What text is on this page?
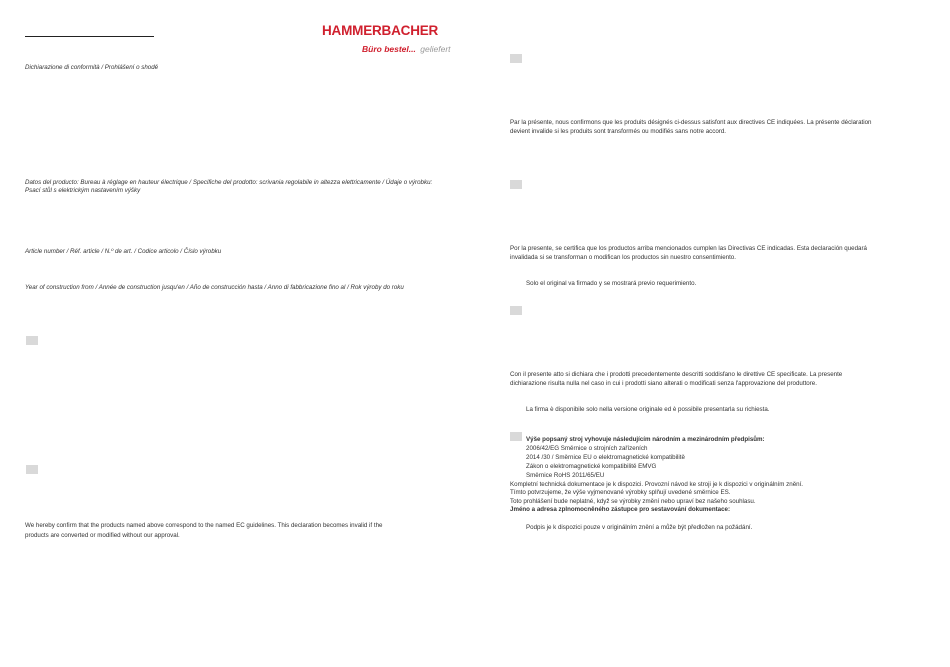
HAMMERBACHER
Büro bestel... geliefert
Dichiarazione di conformità / Prohlášení o shodě
Datos del producto: Bureau à réglage en hauteur électrique / Specifiche del prodotto: scrivania regolabile in altezza elettricamente / Údaje o výrobku:
Psací stůl s elektrickým nastavením výšky
Article number / Réf. article / N.º de art. / Codice articolo / Číslo výrobku
Year of construction from / Année de construction jusqu'en / Año de construcción hasta / Anno di fabbricazione fino al / Rok výroby do roku
We hereby confirm that the products named above correspond to the named EC guidelines. This declaration becomes invalid if the
products are converted or modified without our approval.
Par la présente, nous confirmons que les produits désignés ci-dessus satisfont aux directives CE indiquées. La présente déclaration
devient invalide si les produits sont transformés ou modifiés sans notre accord.
Por la presente, se certifica que los productos arriba mencionados cumplen las Directivas CE indicadas. Esta declaración quedará
invalidada si se transforman o modifican los productos sin nuestro consentimiento.
Solo el original va firmado y se mostrará previo requerimiento.
Con il presente atto si dichiara che i prodotti precedentemente descritti soddisfano le direttive CE specificate. La presente
dichiarazione risulta nulla nel caso in cui i prodotti siano alterati o modificati senza l'approvazione del produttore.
La firma è disponibile solo nella versione originale ed è possibile presentarla su richiesta.
Výše popsaný stroj vyhovuje následujícím národním a mezinárodním předpisům:
2006/42/EG Směrnice o strojních zařízeních
2014 /30 / Směrnice EU o elektromagnetické kompatibilitě
Zákon o elektromagnetické kompatibilitě EMVG
Směrnice RoHS 2011/65/EU
Kompletní technická dokumentace je k dispozici. Provozní návod ke stroji je k dispozici v originálním znění.
Tímto potvrzujeme, že výše vyjmenované výrobky splňují uvedené směrnice ES.
Toto prohlášení bude neplatné, když se výrobky změní nebo upraví bez našeho souhlasu.
Jméno a adresa zplnomocněného zástupce pro sestavování dokumentace:
Podpis je k dispozici pouze v originálním znění a může být předložen na požádání.
